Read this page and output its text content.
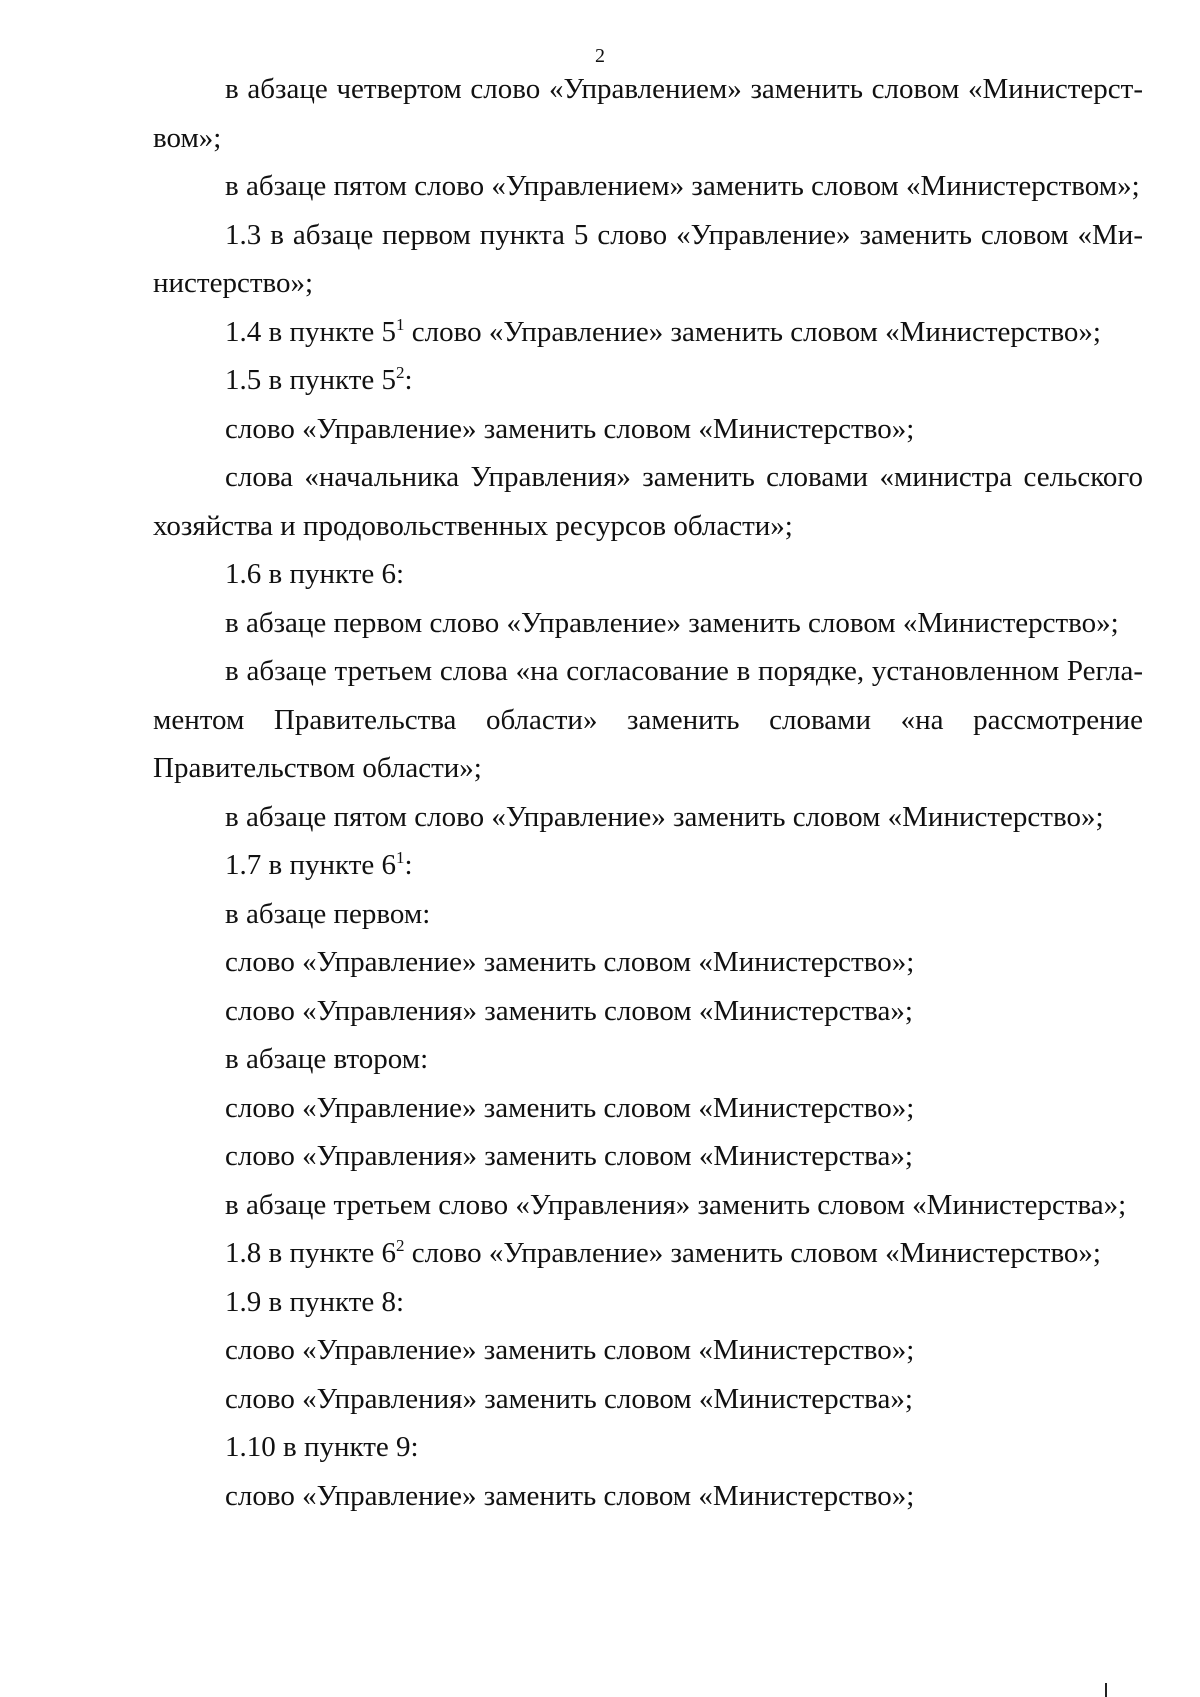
2

в абзаце четвертом слово «Управлением» заменить словом «Министерством»;

в абзаце пятом слово «Управлением» заменить словом «Министерством»;

1.3 в абзаце первом пункта 5 слово «Управление» заменить словом «Министерство»;

1.4 в пункте $5^1$ слово «Управление» заменить словом «Министерство»;

1.5 в пункте $5^2$:

слово «Управление» заменить словом «Министерство»;

слова «начальника Управления» заменить словами «министра сельского хозяйства и продовольственных ресурсов области»;

1.6 в пункте 6:

в абзаце первом слово «Управление» заменить словом «Министерство»;

в абзаце третьем слова «на согласование в порядке, установленном Регламентом Правительства области» заменить словами «на рассмотрение Правительством области»;

в абзаце пятом слово «Управление» заменить словом «Министерство»;

1.7 в пункте $6^1$:

в абзаце первом:

слово «Управление» заменить словом «Министерство»;

слово «Управления» заменить словом «Министерства»;

в абзаце втором:

слово «Управление» заменить словом «Министерство»;

слово «Управления» заменить словом «Министерства»;

в абзаце третьем слово «Управления» заменить словом «Министерства»;

1.8 в пункте $6^2$ слово «Управление» заменить словом «Министерство»;

1.9 в пункте 8:

слово «Управление» заменить словом «Министерство»;

слово «Управления» заменить словом «Министерства»;

1.10 в пункте 9:

слово «Управление» заменить словом «Министерство»;
